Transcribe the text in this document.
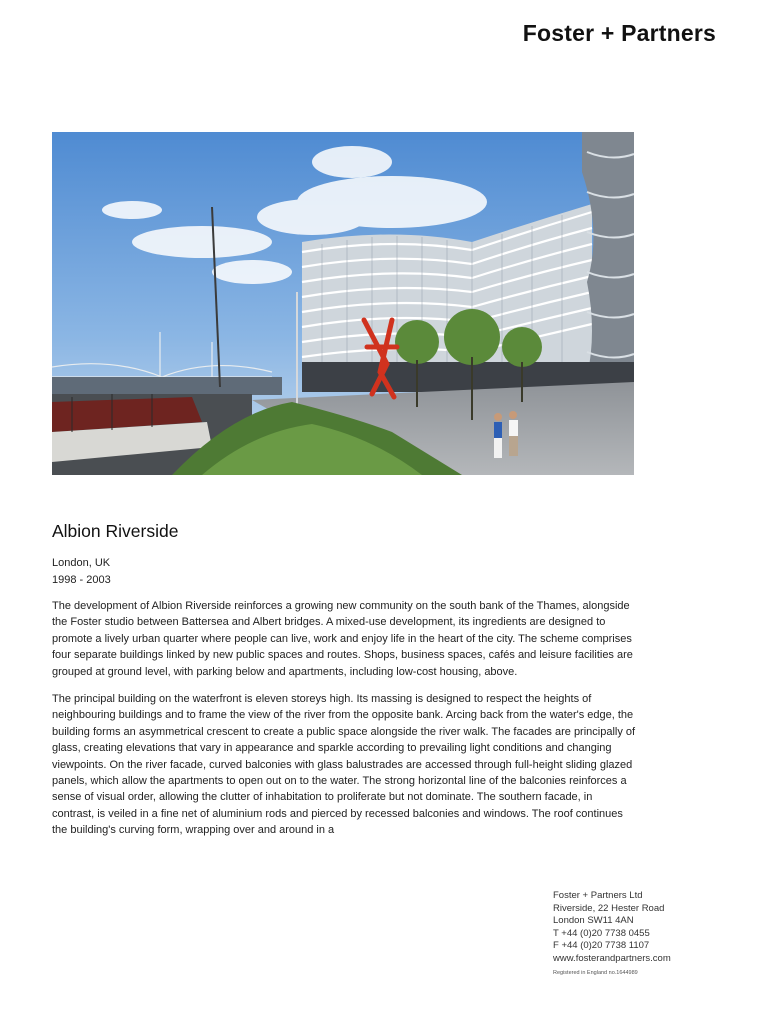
Foster + Partners
Albion Riverside
London, UK
1998 - 2003

The development of Albion Riverside reinforces a growing new community on the south bank of the Thames, alongside the Foster studio between Battersea and Albert bridges. A mixed-use development, its ingredients are designed to promote a lively urban quarter where people can live, work and enjoy life in the heart of the city. The scheme comprises four separate buildings linked by new public spaces and routes. Shops, business spaces, cafés and leisure facilities are grouped at ground level, with parking below and apartments, including low-cost housing, above.

The principal building on the waterfront is eleven storeys high. Its massing is designed to respect the heights of neighbouring buildings and to frame the view of the river from the opposite bank. Arcing back from the water's edge, the building forms an asymmetrical crescent to create a public space alongside the river walk. The facades are principally of glass, creating elevations that vary in appearance and sparkle according to prevailing light conditions and changing viewpoints. On the river facade, curved balconies with glass balustrades are accessed through full-height sliding glazed panels, which allow the apartments to open out on to the water. The strong horizontal line of the balconies reinforces a sense of visual order, allowing the clutter of inhabitation to proliferate but not dominate. The southern facade, in contrast, is veiled in a fine net of aluminium rods and pierced by recessed balconies and windows. The roof continues the building's curving form, wrapping over and around in a

Foster + Partners Ltd
Riverside, 22 Hester Road
London SW11 4AN
T +44 (0)20 7738 0455
F +44 (0)20 7738 1107
www.fosterandpartners.com
Registered in England no.1644989
